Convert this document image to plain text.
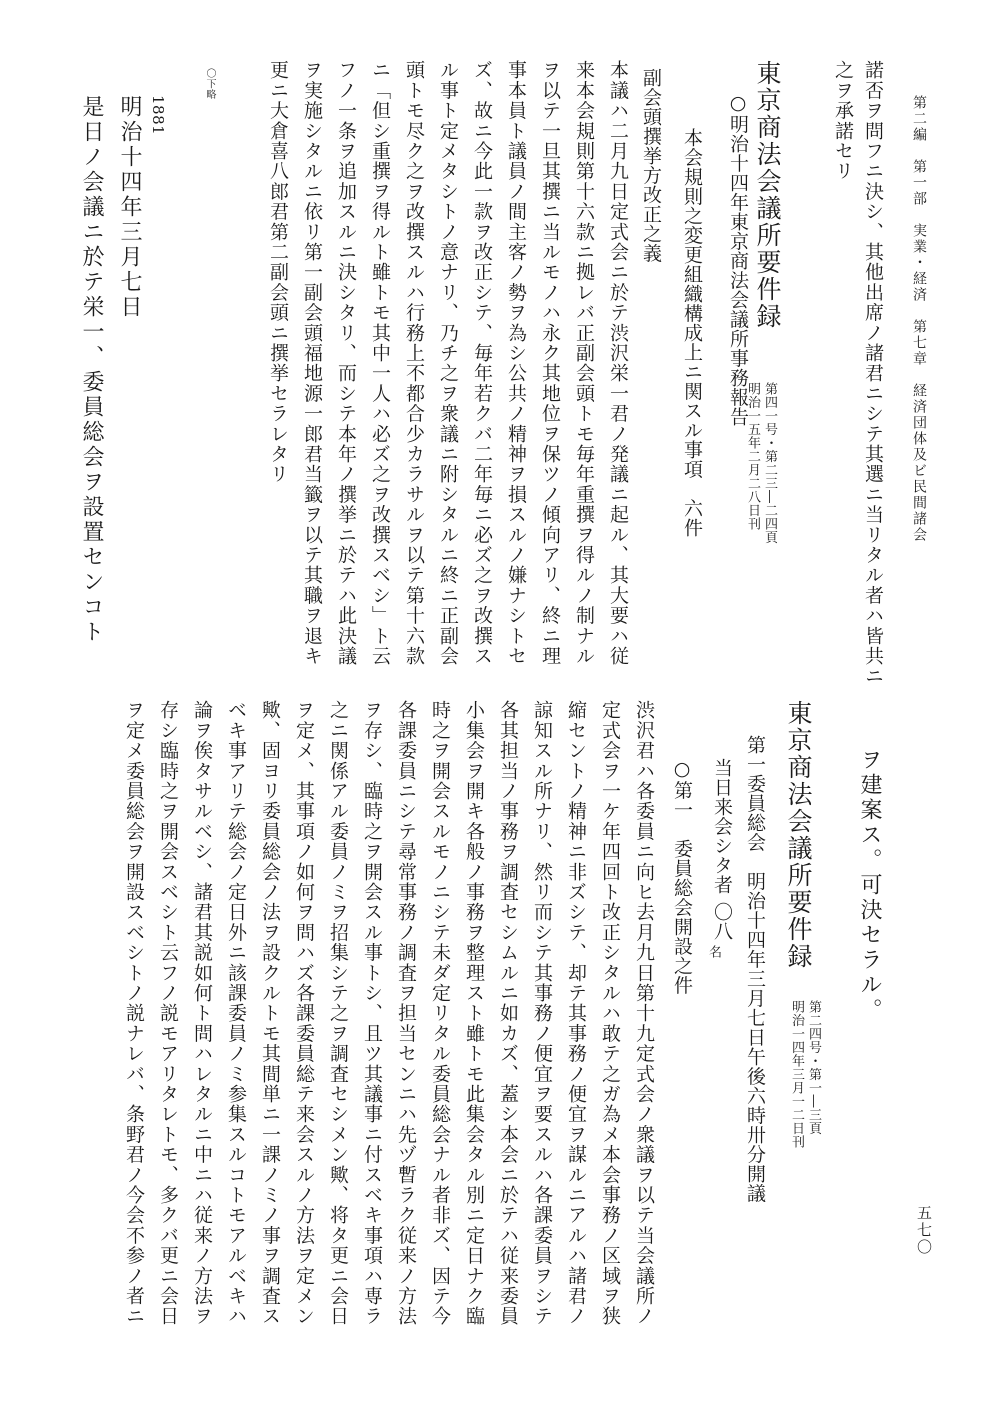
第二編　第一部　実業・経済　第七章　経済団体及ビ民間諸会
五七〇
諾否ヲ問フニ決シ、其他出席ノ諸君ニシテ其選ニ当リタル者ハ皆共ニ
之ヲ承諾セリ
東京商法会議所要件録
第四一号・第二三―二四頁
明治一五年二月二八日刊
○明治十四年東京商法会議所事務報告
本会規則之変更組織構成上ニ関スル事項　六件
副会頭撰挙方改正之義
本議ハ二月九日定式会ニ於テ渋沢栄一君ノ発議ニ起ル、其大要ハ従
来本会規則第十六款ニ拠レバ正副会頭トモ毎年重撰ヲ得ルノ制ナル
ヲ以テ一旦其撰ニ当ルモノハ永ク其地位ヲ保ツノ傾向アリ、終ニ理
事本員ト議員ノ間主客ノ勢ヲ為シ公共ノ精神ヲ損スルノ嫌ナシトセ
ズ、故ニ今此一款ヲ改正シテ、毎年若クバ二年毎ニ必ズ之ヲ改撰ス
ル事ト定メタシトノ意ナリ、乃チ之ヲ衆議ニ附シタルニ終ニ正副会
頭トモ尽ク之ヲ改撰スルハ行務上不都合少カラサルヲ以テ第十六款
ニ「但シ重撰ヲ得ルト雖トモ其中一人ハ必ズ之ヲ改撰スベシ」ト云
フノ一条ヲ追加スルニ決シタリ、而シテ本年ノ撰挙ニ於テハ此決議
ヲ実施シタルニ依リ第一副会頭福地源一郎君当籤ヲ以テ其職ヲ退キ
更ニ大倉喜八郎君第二副会頭ニ撰挙セラレタリ
〇下略
1881
明治十四年三月七日
是日ノ会議ニ於テ栄一、委員総会ヲ設置センコト
ヲ建案ス。可決セラル。
東京商法会議所要件録
第二四号・第一―三頁
明治一四年三月一二日刊
第一委員総会　明治十四年三月七日午後六時卅分開議
当日来会シタ者
〇八
名
○第一　委員総会開設之件
渋沢君ハ各委員ニ向ヒ去月九日第十九定式会ノ衆議ヲ以テ当会議所ノ
定式会ヲ一ケ年四回ト改正シタルハ敢テ之ガ為メ本会事務ノ区域ヲ狭
縮セントノ精神ニ非ズシテ、却テ其事務ノ便宜ヲ謀ルニアルハ諸君ノ
諒知スル所ナリ、然リ而シテ其事務ノ便宜ヲ要スルハ各課委員ヲシテ
各其担当ノ事務ヲ調査セシムルニ如カズ、蓋シ本会ニ於テハ従来委員
小集会ヲ開キ各般ノ事務ヲ整理スト雖トモ此集会タル別ニ定日ナク臨
時之ヲ開会スルモノニシテ未ダ定リタル委員総会ナル者非ズ、因テ今
各課委員ニシテ尋常事務ノ調査ヲ担当センニハ先ヅ暫ラク従来ノ方法
ヲ存シ、臨時之ヲ開会スル事トシ、且ツ其議事ニ付スベキ事項ハ専ラ
之ニ関係アル委員ノミヲ招集シテ之ヲ調査セシメン歟、将タ更ニ会日
ヲ定メ、其事項ノ如何ヲ問ハズ各課委員総テ来会スルノ方法ヲ定メン
歟、固ヨリ委員総会ノ法ヲ設クルトモ其間単ニ一課ノミノ事ヲ調査ス
ベキ事アリテ総会ノ定日外ニ該課委員ノミ参集スルコトモアルベキハ
論ヲ俟タサルベシ、諸君其説如何ト問ハレタルニ中ニハ従来ノ方法ヲ
存シ臨時之ヲ開会スベシト云フノ説モアリタレトモ、多クバ更ニ会日
ヲ定メ委員総会ヲ開設スベシトノ説ナレバ、条野君ノ今会不参ノ者ニ
